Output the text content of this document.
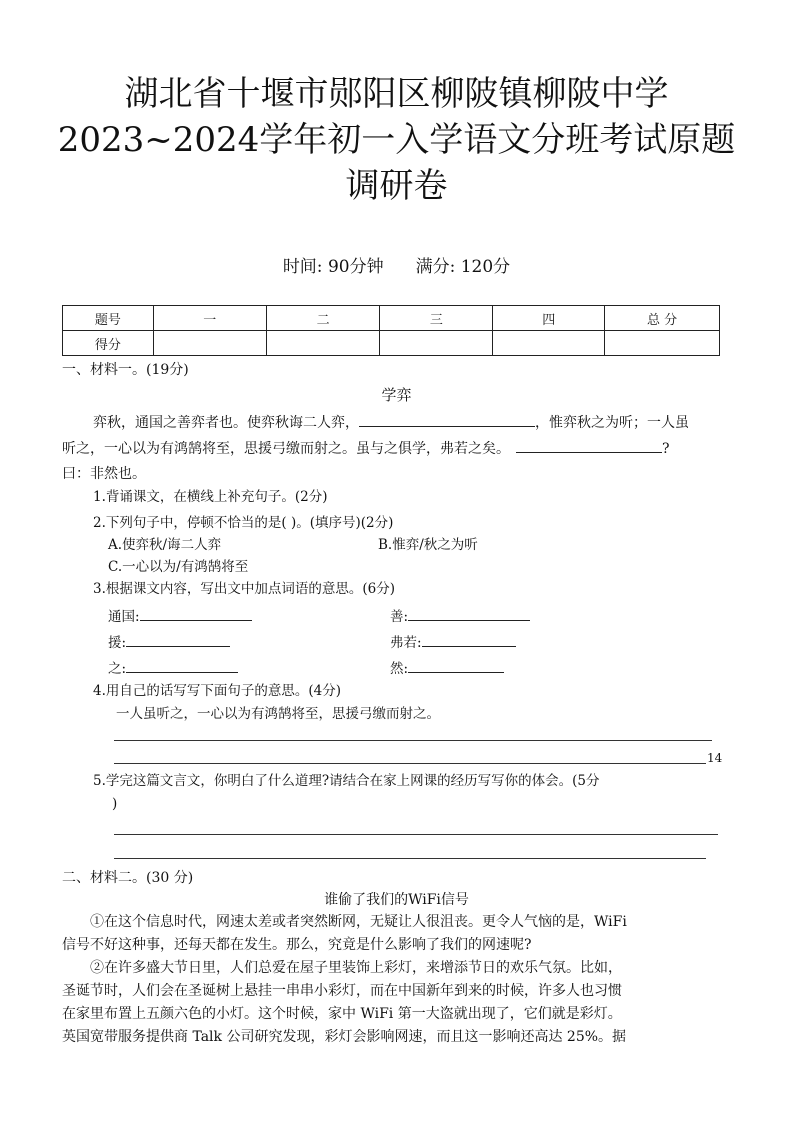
湖北省十堰市郧阳区柳陂镇柳陂中学
2023~2024学年初一入学语文分班考试原题
调研卷
时间: 90分钟 满分: 120分
题号	一	二	三	四	总 分
得分					
一、材料一。(19分)
学弈
弈秋，通国之善弈者也。使弈秋诲二人弈，	，惟弈秋之为听；一人虽
听之，一心以为有鸿鹄将至，思援弓缴而射之。虽与之俱学，弗若之矣。	?
曰：非然也。
1.背诵课文，在横线上补充句子。(2分)
2.下列句子中，停顿不恰当的是( )。(填序号)(2分)
A.使弈秋/诲二人弈	B.惟弈/秋之为听
C.一心以为/有鸿鹄将至
3.根据课文内容，写出文中加点词语的意思。(6分)
通国:	善:
援:	弗若:
之:	然:
4.用自己的话写写下面句子的意思。(4分)
一人虽听之，一心以为有鸿鹄将至，思援弓缴而射之。
14
5.学完这篇文言文，你明白了什么道理?请结合在家上网课的经历写写你的体会。(5分
)
二、材料二。(30 分)
谁偷了我们的WiFi信号
①在这个信息时代，网速太差或者突然断网，无疑让人很沮丧。更令人气恼的是，WiFi
信号不好这种事，还每天都在发生。那么，究竟是什么影响了我们的网速呢?
②在许多盛大节日里，人们总爱在屋子里装饰上彩灯，来增添节日的欢乐气氛。比如，
圣诞节时，人们会在圣诞树上悬挂一串串小彩灯，而在中国新年到来的时候，许多人也习惯
在家里布置上五颜六色的小灯。这个时候，家中 WiFi 第一大盗就出现了，它们就是彩灯。
英国宽带服务提供商 Talk 公司研究发现，彩灯会影响网速，而且这一影响还高达 25%。据
